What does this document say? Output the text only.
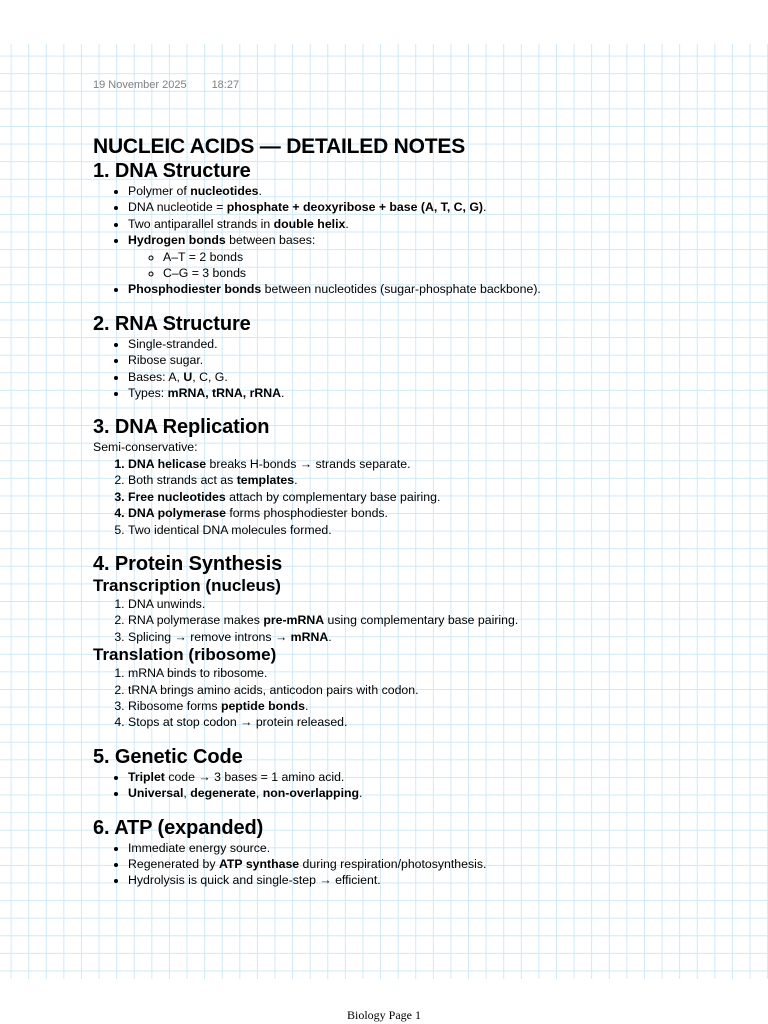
19 November 2025 18:27
NUCLEIC ACIDS — DETAILED NOTES
1. DNA Structure
• Polymer of nucleotides.
• DNA nucleotide = phosphate + deoxyribose + base (A, T, C, G).
• Two antiparallel strands in double helix.
• Hydrogen bonds between bases:
◦ A–T = 2 bonds
◦ C–G = 3 bonds
• Phosphodiester bonds between nucleotides (sugar-phosphate backbone).
2. RNA Structure
• Single-stranded.
• Ribose sugar.
• Bases: A, U, C, G.
• Types: mRNA, tRNA, rRNA.
3. DNA Replication

Semi-conservative:

1. DNA helicase breaks H-bonds → strands separate.
2. Both strands act as templates.
3. Free nucleotides attach by complementary base pairing.
4. DNA polymerase forms phosphodiester bonds.
5. Two identical DNA molecules formed.
4. Protein Synthesis
Transcription (nucleus)
1. DNA unwinds.
2. RNA polymerase makes pre-mRNA using complementary base pairing.
3. Splicing → remove introns → mRNA.
Translation (ribosome)
1. mRNA binds to ribosome.
2. tRNA brings amino acids, anticodon pairs with codon.
3. Ribosome forms peptide bonds.
4. Stops at stop codon → protein released.
5. Genetic Code
• Triplet code → 3 bases = 1 amino acid.
• Universal, degenerate, non-overlapping.
6. ATP (expanded)
• Immediate energy source.
• Regenerated by ATP synthase during respiration/photosynthesis.
• Hydrolysis is quick and single-step → efficient.
Biology Page 1
